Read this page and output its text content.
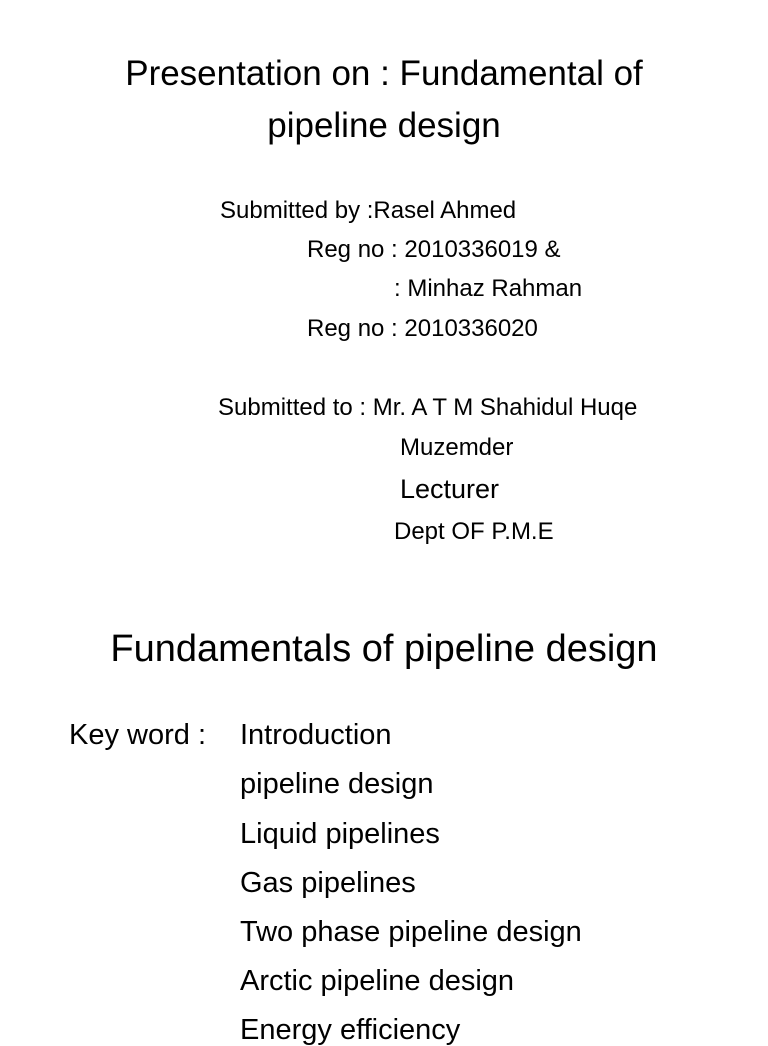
Presentation on : Fundamental of
pipeline design
Submitted by :Rasel Ahmed
Reg no : 2010336019 &
: Minhaz Rahman
Reg no : 2010336020
Submitted to : Mr. A T M Shahidul Huqe
Muzemder
Lecturer
Dept OF P.M.E
Fundamentals of pipeline design
Key word : Introduction
pipeline design
Liquid pipelines
Gas pipelines
Two phase pipeline design
Arctic pipeline design
Energy efficiency
